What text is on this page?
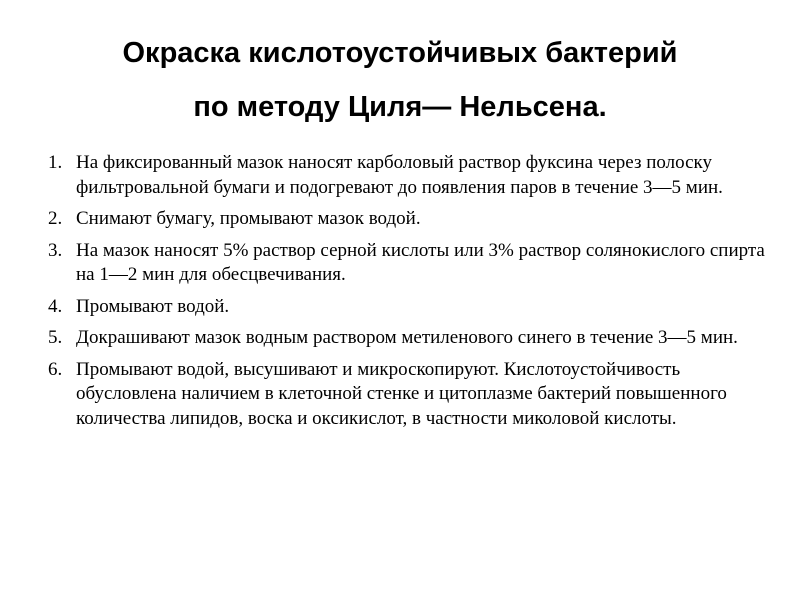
Окраска кислотоустойчивых бактерий
по методу Циля— Нельсена.
1. На фиксированный мазок наносят карболовый раствор фуксина через полоску фильтровальной бумаги и подогревают до появления паров в течение 3—5 мин.
2. Снимают бумагу, промывают мазок водой.
3. На мазок наносят 5% раствор серной кислоты или 3% раствор солянокислого спирта на 1—2 мин для обесцвечивания.
4. Промывают водой.
5. Докрашивают мазок водным раствором метиленового синего в течение 3—5 мин.
6. Промывают водой, высушивают и микроскопируют. Кислотоустойчивость обусловлена наличием в клеточной стенке и цитоплазме бактерий повышенного количества липидов, воска и оксикислот, в частности миколовой кислоты.
